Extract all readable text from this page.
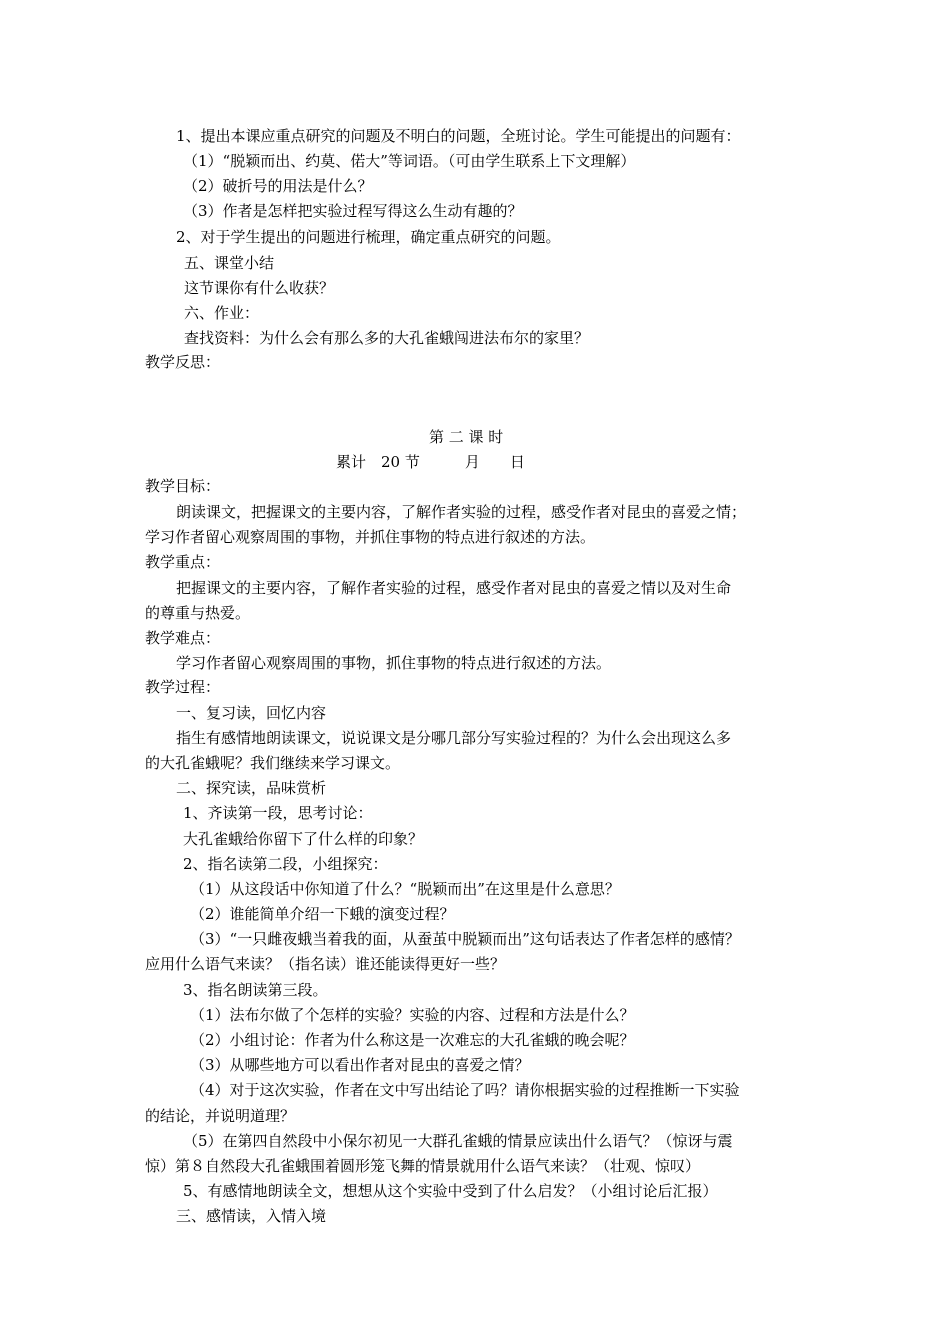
1、提出本课应重点研究的问题及不明白的问题，全班讨论。学生可能提出的问题有：
（1）“脱颖而出、约莫、偌大”等词语。（可由学生联系上下文理解）
（2）破折号的用法是什么？
（3）作者是怎样把实验过程写得这么生动有趣的？
2、对于学生提出的问题进行梳理，确定重点研究的问题。
五、课堂小结
这节课你有什么收获？
六、作业：
查找资料：为什么会有那么多的大孔雀蛾闯进法布尔的家里？
教学反思：
第 二 课 时
累计　20 节　　　月　　日
教学目标：
朗读课文，把握课文的主要内容，了解作者实验的过程，感受作者对昆虫的喜爱之情；
学习作者留心观察周围的事物，并抓住事物的特点进行叙述的方法。
教学重点：
把握课文的主要内容，了解作者实验的过程，感受作者对昆虫的喜爱之情以及对生命
的尊重与热爱。
教学难点：
学习作者留心观察周围的事物，抓住事物的特点进行叙述的方法。
教学过程：
一、复习读，回忆内容
指生有感情地朗读课文，说说课文是分哪几部分写实验过程的？为什么会出现这么多
的大孔雀蛾呢？我们继续来学习课文。
二、探究读，品味赏析
1、齐读第一段，思考讨论：
大孔雀蛾给你留下了什么样的印象？
2、指名读第二段，小组探究：
（1）从这段话中你知道了什么？“脱颖而出”在这里是什么意思？
（2）谁能简单介绍一下蛾的演变过程？
（3）“一只雌夜蛾当着我的面，从蚕茧中脱颖而出”这句话表达了作者怎样的感情？
应用什么语气来读？（指名读）谁还能读得更好一些？
3、指名朗读第三段。
（1）法布尔做了个怎样的实验？实验的内容、过程和方法是什么？
（2）小组讨论：作者为什么称这是一次难忘的大孔雀蛾的晚会呢？
（3）从哪些地方可以看出作者对昆虫的喜爱之情？
（4）对于这次实验，作者在文中写出结论了吗？请你根据实验的过程推断一下实验
的结论，并说明道理？
（5）在第四自然段中小保尔初见一大群孔雀蛾的情景应读出什么语气？（惊讶与震
惊）第８自然段大孔雀蛾围着圆形笼飞舞的情景就用什么语气来读？（壮观、惊叹）
5、有感情地朗读全文，想想从这个实验中受到了什么启发？（小组讨论后汇报）
三、感情读，入情入境
